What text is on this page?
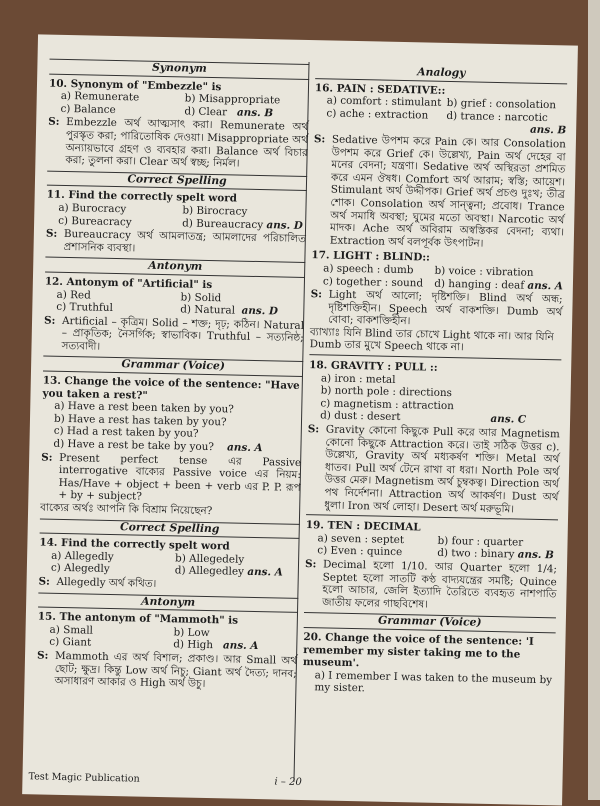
Synonym
10. Synonym of "Embezzle" is
a) Remunerate	b) Misappropriate
c) Balance	d) Clear ans. B
S: Embezzle অর্থ আত্মসাৎ করা। Remunerate অর্থ পুরস্কৃত করা; পারিতোষিক দেওয়া। Misappropriate অর্থ অন্যায়ভাবে গ্রহণ ও ব্যবহার করা। Balance অর্থ বিচার করা; তুলনা করা। Clear অর্থ স্বচ্ছ; নির্মল।
Correct Spelling
11. Find the correctly spelt word
a) Burocracy	b) Birocracy
c) Bureacracy	d) Bureaucracy ans. D
S: Bureaucracy অর্থ আমলাতন্ত্র; আমলাদের পরিচালিত প্রশাসনিক ব্যবস্থা।
Antonym
12. Antonym of "Artificial" is
a) Red	b) Solid
c) Truthful	d) Natural ans. D
S: Artificial – কৃত্রিম। Solid – শক্ত; দৃঢ়; কঠিন। Natural – প্রাকৃতিক; নৈসর্গিক; স্বাভাবিক। Truthful – সত্যনিষ্ঠ; সত্যবাদী।
Grammar (Voice)
13. Change the voice of the sentence: "Have you taken a rest?"
a) Have a rest been taken by you?
b) Have a rest has taken by you?
c) Had a rest taken by you?
d) Have a rest be take by you? ans. A
S: Present perfect tense এর Passive interrogative বাক্যের Passive voice এর নিয়ম: Has/Have + object + been + verb এর P. P. রূপ + by + subject?
বাক্যের অর্থঃ আপনি কি বিশ্রাম নিয়েছেন?
Correct Spelling
14. Find the correctly spelt word
a) Allegedly	b) Allegedely
c) Alegedly	d) Allegedley ans. A
S: Allegedly অর্থ কথিত।
Antonym
15. The antonym of "Mammoth" is
a) Small	b) Low
c) Giant	d) High ans. A
S: Mammoth এর অর্থ বিশাল; প্রকাণ্ড। আর Small অর্থ ছোট; ক্ষুদ্র। কিন্তু Low অর্থ নিচু; Giant অর্থ দৈত্য; দানব; অসাধারণ আকার ও High অর্থ উচু।
Analogy
16. PAIN : SEDATIVE::
a) comfort : stimulant b) grief : consolation
c) ache : extraction	d) trance : narcotic
ans. B
S: Sedative উপশম করে Pain কে। আর Consolation উপশম করে Grief কে। উল্লেখ্য, Pain অর্থ দেহের বা মনের বেদনা; যন্ত্রণা। Sedative অর্থ অস্থিরতা প্রশমিত করে এমন ঔষধ। Comfort অর্থ আরাম; স্বস্তি; আয়েশ। Stimulant অর্থ উদ্দীপক। Grief অর্থ প্রচণ্ড দুঃখ; তীব্র শোক। Consolation অর্থ সান্ত্বনা; প্রবোধ। Trance অর্থ সমাধি অবস্থা; ঘুমের মতো অবস্থা। Narcotic অর্থ মাদক। Ache অর্থ অবিরাম অস্বস্তিকর বেদনা; ব্যথা। Extraction অর্থ বলপূর্বক উৎপাটন।
17. LIGHT : BLIND::
a) speech : dumb	b) voice : vibration
c) together : sound	d) hanging : deaf ans. A
S: Light অর্থ আলো; দৃষ্টিশক্তি। Blind অর্থ অন্ধ; দৃষ্টিশক্তিহীন। Speech অর্থ বাকশক্তি। Dumb অর্থ বোবা; বাকশক্তিহীন।
ব্যাখ্যাঃ যিনি Blind তার চোখে Light থাকে না। আর যিনি Dumb তার মুখে Speech থাকে না।
18. GRAVITY : PULL ::
a) iron : metal
b) north pole : directions
c) magnetism : attraction
d) dust : desert	ans. C
S: Gravity কোনো কিছুকে Pull করে আর Magnetism কোনো কিছুকে Attraction করে। তাই সঠিক উত্তর c). উল্লেখ্য, Gravity অর্থ মধ্যকর্ষণ শক্তি। Metal অর্থ ধাতব। Pull অর্থ টেনে রাখা বা ধরা। North Pole অর্থ উত্তর মেরু। Magnetism অর্থ চুম্বকত্ব। Direction অর্থ পথ নির্দেশনা। Attraction অর্থ আকর্ষণ। Dust অর্থ ধুলা। Iron অর্থ লোহা। Desert অর্থ মরুভূমি।
19. TEN : DECIMAL
a) seven : septet	b) four : quarter
c) Even : quince	d) two : binary ans. B
S: Decimal হলো 1/10. আর Quarter হলো 1/4; Septet হলো সাতটি কণ্ঠ বাদ্যযন্ত্রের সমষ্টি; Quince হলো আচার, জেলি ইত্যাদি তৈরিতে ব্যবহৃত নাশপাতি জাতীয় ফলের গাছবিশেষ।
Grammar (Voice)
20. Change the voice of the sentence: 'I remember my sister taking me to the museum'.
a) I remember I was taken to the museum by my sister.
Test Magic Publication	i – 20
